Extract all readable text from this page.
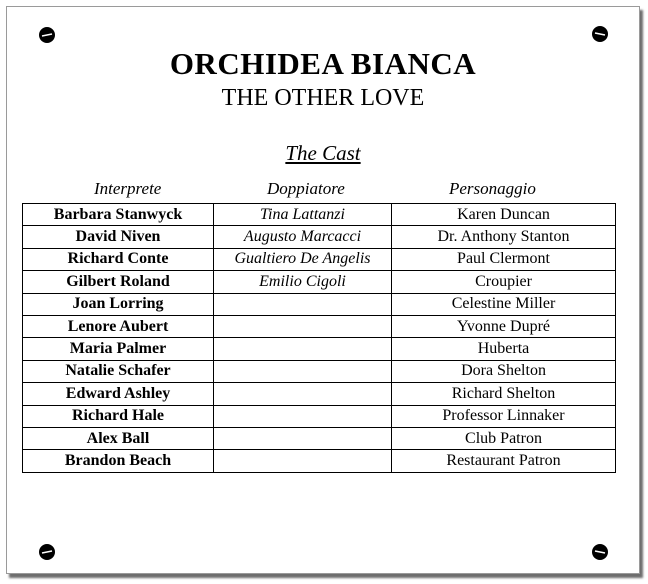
ORCHIDEA BIANCA
THE OTHER LOVE
The Cast
Interprete	Doppiatore	Personaggio
Barbara Stanwyck	Tina Lattanzi	Karen Duncan
David Niven	Augusto Marcacci	Dr. Anthony Stanton
Richard Conte	Gualtiero De Angelis	Paul Clermont
Gilbert Roland	Emilio Cigoli	Croupier
Joan Lorring		Celestine Miller
Lenore Aubert		Yvonne Dupré
Maria Palmer		Huberta
Natalie Schafer		Dora Shelton
Edward Ashley		Richard Shelton
Richard Hale		Professor Linnaker
Alex Ball		Club Patron
Brandon Beach		Restaurant Patron
